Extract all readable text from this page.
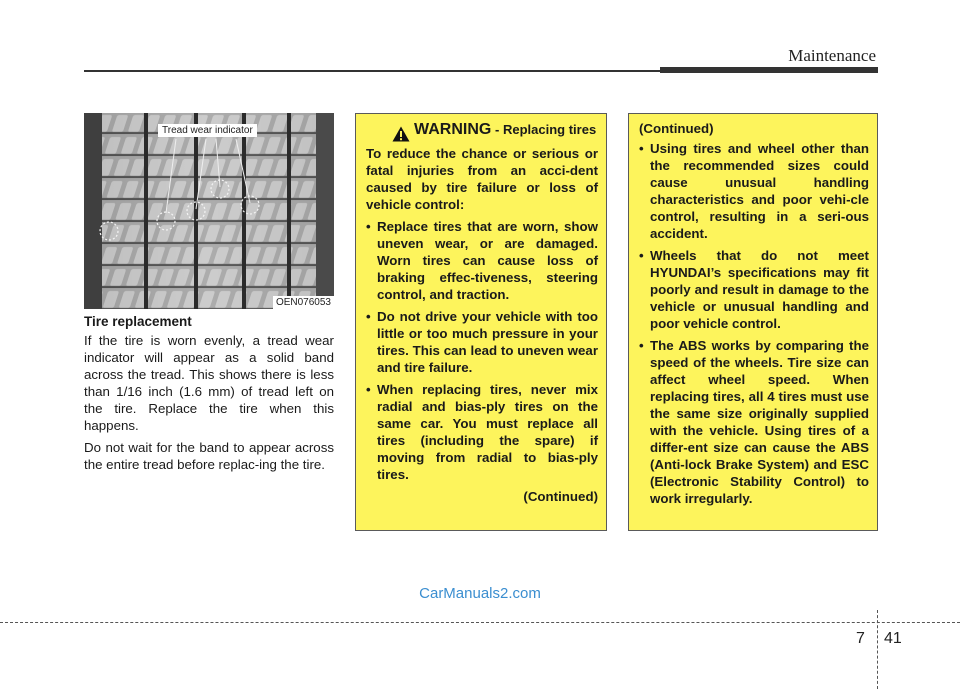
Maintenance
Tread wear indicator
OEN076053
Tire replacement

If the tire is worn evenly, a tread wear indicator will appear as a solid band across the tread. This shows there is less than 1/16 inch (1.6 mm) of tread left on the tire. Replace the tire when this happens.

Do not wait for the band to appear across the entire tread before replac-ing the tire.

WARNING - Replacing tires

To reduce the chance or serious or fatal injuries from an acci-dent caused by tire failure or loss of vehicle control:

• Replace tires that are worn, show uneven wear, or are damaged. Worn tires can cause loss of braking effec-tiveness, steering control, and traction.
• Do not drive your vehicle with too little or too much pressure in your tires. This can lead to uneven wear and tire failure.
• When replacing tires, never mix radial and bias-ply tires on the same car. You must replace all tires (including the spare) if moving from radial to bias-ply tires.
(Continued)
(Continued)
• Using tires and wheel other than the recommended sizes could cause unusual handling characteristics and poor vehi-cle control, resulting in a seri-ous accident.
• Wheels that do not meet HYUNDAI’s specifications may fit poorly and result in damage to the vehicle or unusual handling and poor vehicle control.
• The ABS works by comparing the speed of the wheels. Tire size can affect wheel speed. When replacing tires, all 4 tires must use the same size originally supplied with the vehicle. Using tires of a differ-ent size can cause the ABS (Anti-lock Brake System) and ESC (Electronic Stability Control) to work irregularly.
CarManuals2.com
7 41
